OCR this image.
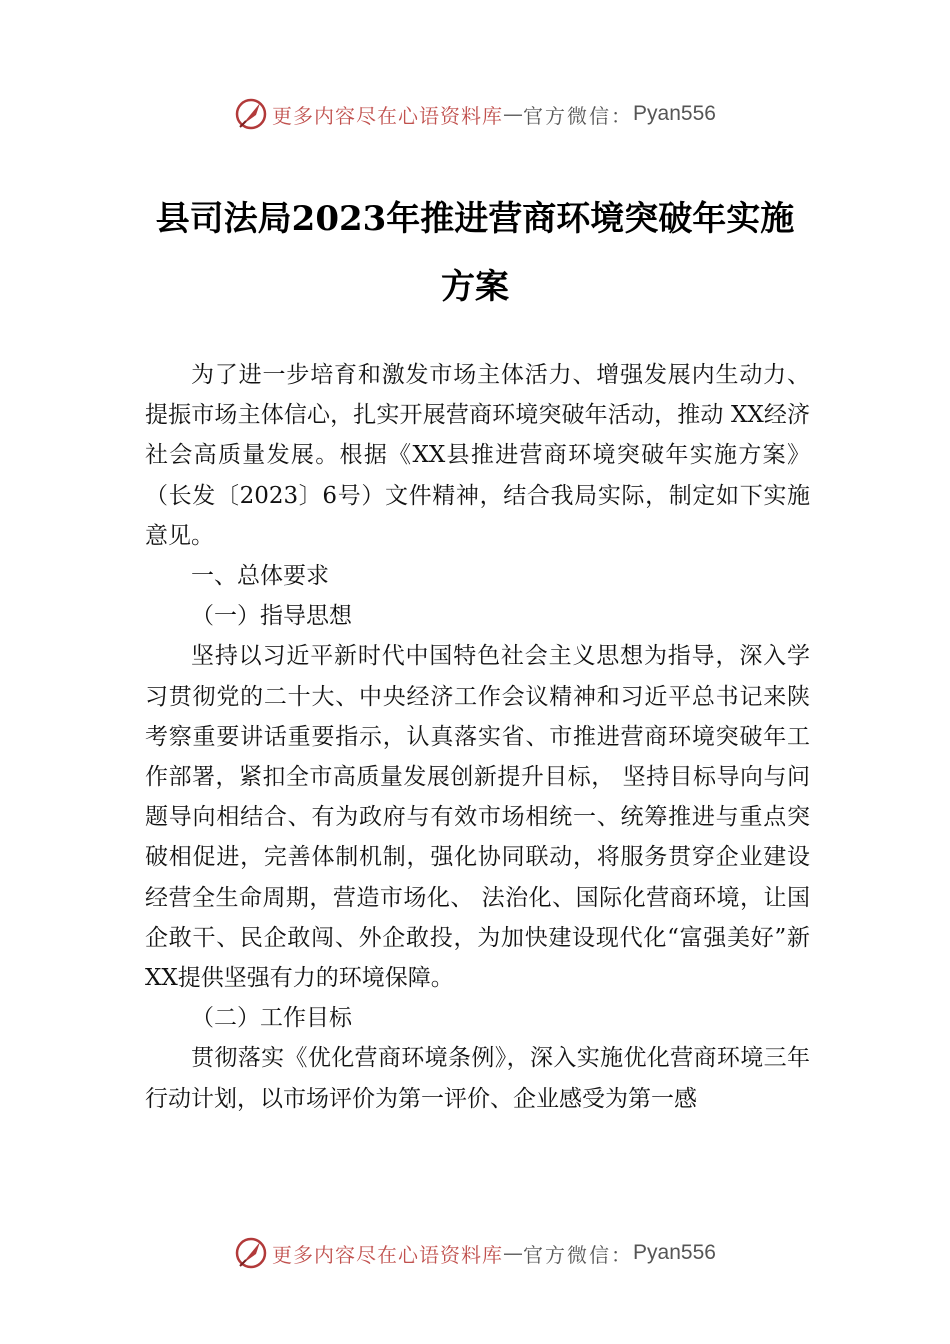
更多内容尽在心语资料库 — 官方微信： Pyan556
县司法局2023年推进营商环境突破年实施
方案

为了进一步培育和激发市场主体活力、增强发展内生动力、提振市场主体信心，扎实开展营商环境突破年活动，推动 XX经济社会高质量发展。根据《XX县推进营商环境突破年实施方案》（长发〔2023〕6号）文件精神，结合我局实际，制定如下实施意见。

一、总体要求

（一）指导思想

坚持以习近平新时代中国特色社会主义思想为指导，深入学习贯彻党的二十大、中央经济工作会议精神和习近平总书记来陕考察重要讲话重要指示，认真落实省、市推进营商环境突破年工作部署，紧扣全市高质量发展创新提升目标， 坚持目标导向与问题导向相结合、有为政府与有效市场相统一、统筹推进与重点突破相促进，完善体制机制，强化协同联动，将服务贯穿企业建设经营全生命周期，营造市场化、 法治化、国际化营商环境，让国企敢干、民企敢闯、外企敢投，为加快建设现代化“富强美好”新 XX提供坚强有力的环境保障。

（二）工作目标

贯彻落实《优化营商环境条例》，深入实施优化营商环境三年行动计划，以市场评价为第一评价、企业感受为第一感

更多内容尽在心语资料库 — 官方微信： Pyan556
